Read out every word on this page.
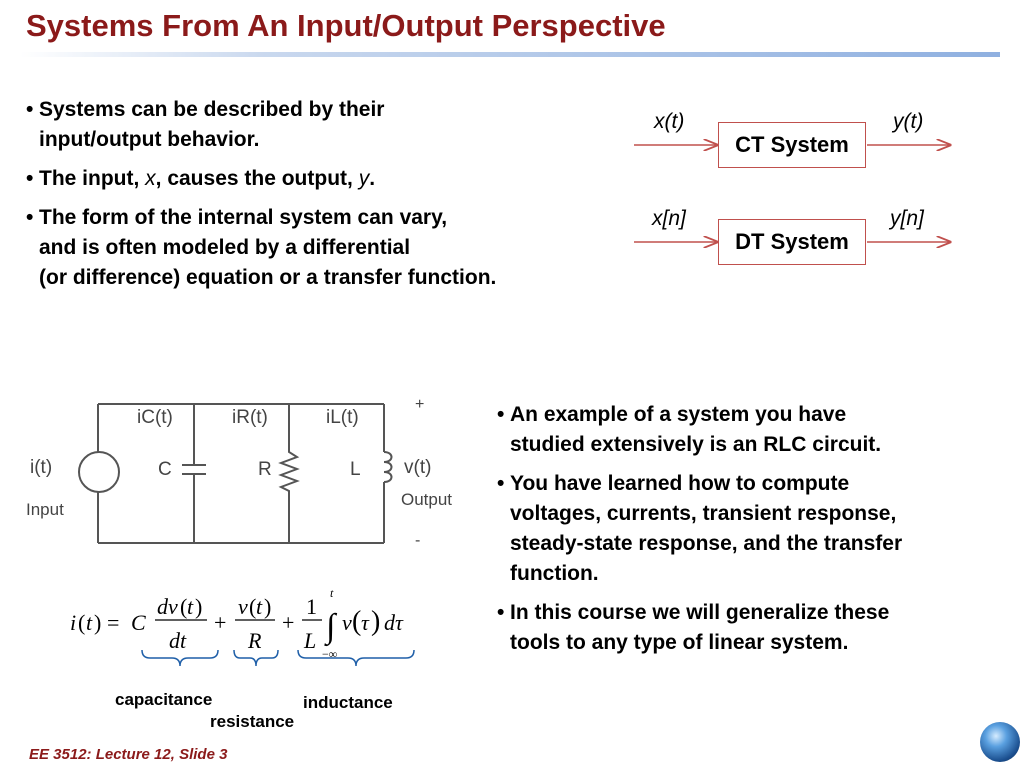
Systems From An Input/Output Perspective
• Systems can be described by their
input/output behavior.
• The input, x, causes the output, y.
• The form of the internal system can vary,
and is often modeled by a differential
(or difference) equation or a transfer function.
x(t)
CT System
y(t)
x[n]
DT System
y[n]
i(t)
Input
iC(t)	iR(t)	iL(t)
C	R	L v(t)
Output
+
-
i ( t ) = C
dv ( t )
dt
+
v ( t )
R
+
1
L
t
∫
−∞
v ( τ ) dτ
capacitance
resistance
inductance
• An example of a system you have
studied extensively is an RLC circuit.
• You have learned how to compute
voltages, currents, transient response,
steady-state response, and the transfer
function.
• In this course we will generalize these
tools to any type of linear system.
EE 3512: Lecture 12, Slide 3
